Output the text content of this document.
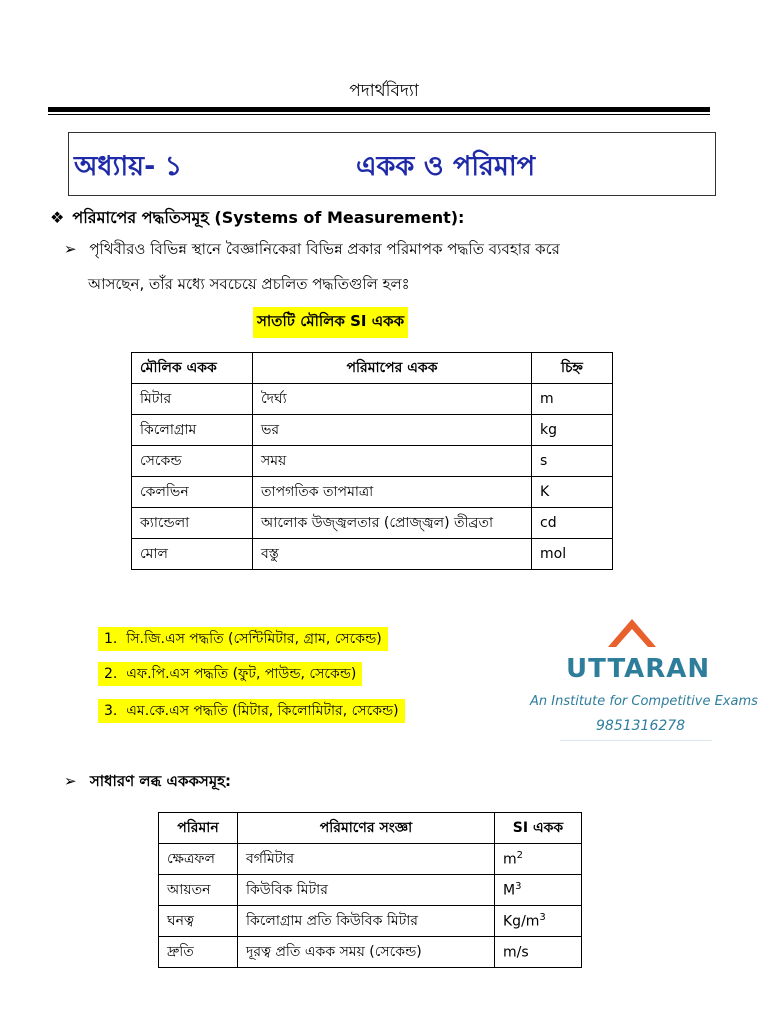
পদার্থবিদ্যা
অধ্যায়- ১	একক ও পরিমাপ
❖ পরিমাপের পদ্ধতিসমূহ (Systems of Measurement):
➢ পৃথিবীরও বিভিন্ন স্থানে বৈজ্ঞানিকেরা বিভিন্ন প্রকার পরিমাপক পদ্ধতি ব্যবহার করে
আসছেন, তাঁর মধ্যে সবচেয়ে প্রচলিত পদ্ধতিগুলি হলঃ
সাতটি মৌলিক SI একক
মৌলিক একক	পরিমাপের একক	চিহ্ন
মিটার	দৈর্ঘ্য	m
কিলোগ্রাম	ভর	kg
সেকেন্ড	সময়	s
কেলভিন	তাপগতিক তাপমাত্রা	K
ক্যান্ডেলা	আলোক উজ্জ্বলতার (প্রোজ্জ্বল) তীব্রতা	cd
মোল	বস্তু	mol
1. সি.জি.এস পদ্ধতি (সেন্টিমিটার, গ্রাম, সেকেন্ড)
2. এফ.পি.এস পদ্ধতি (ফুট, পাউন্ড, সেকেন্ড)
3. এম.কে.এস পদ্ধতি (মিটার, কিলোমিটার, সেকেন্ড)
UTTARAN
An Institute for Competitive Exams
9851316278
➢ সাধারণ লব্ধ এককসমূহ:
পরিমান	পরিমাণের সংজ্ঞা	SI একক
ক্ষেত্রফল	বর্গমিটার	$m^2$
আয়তন	কিউবিক মিটার	$M^3$
ঘনত্ব	কিলোগ্রাম প্রতি কিউবিক মিটার	$Kg/m^3$
দ্রুতি	দূরত্ব প্রতি একক সময় (সেকেন্ড)	m/s
